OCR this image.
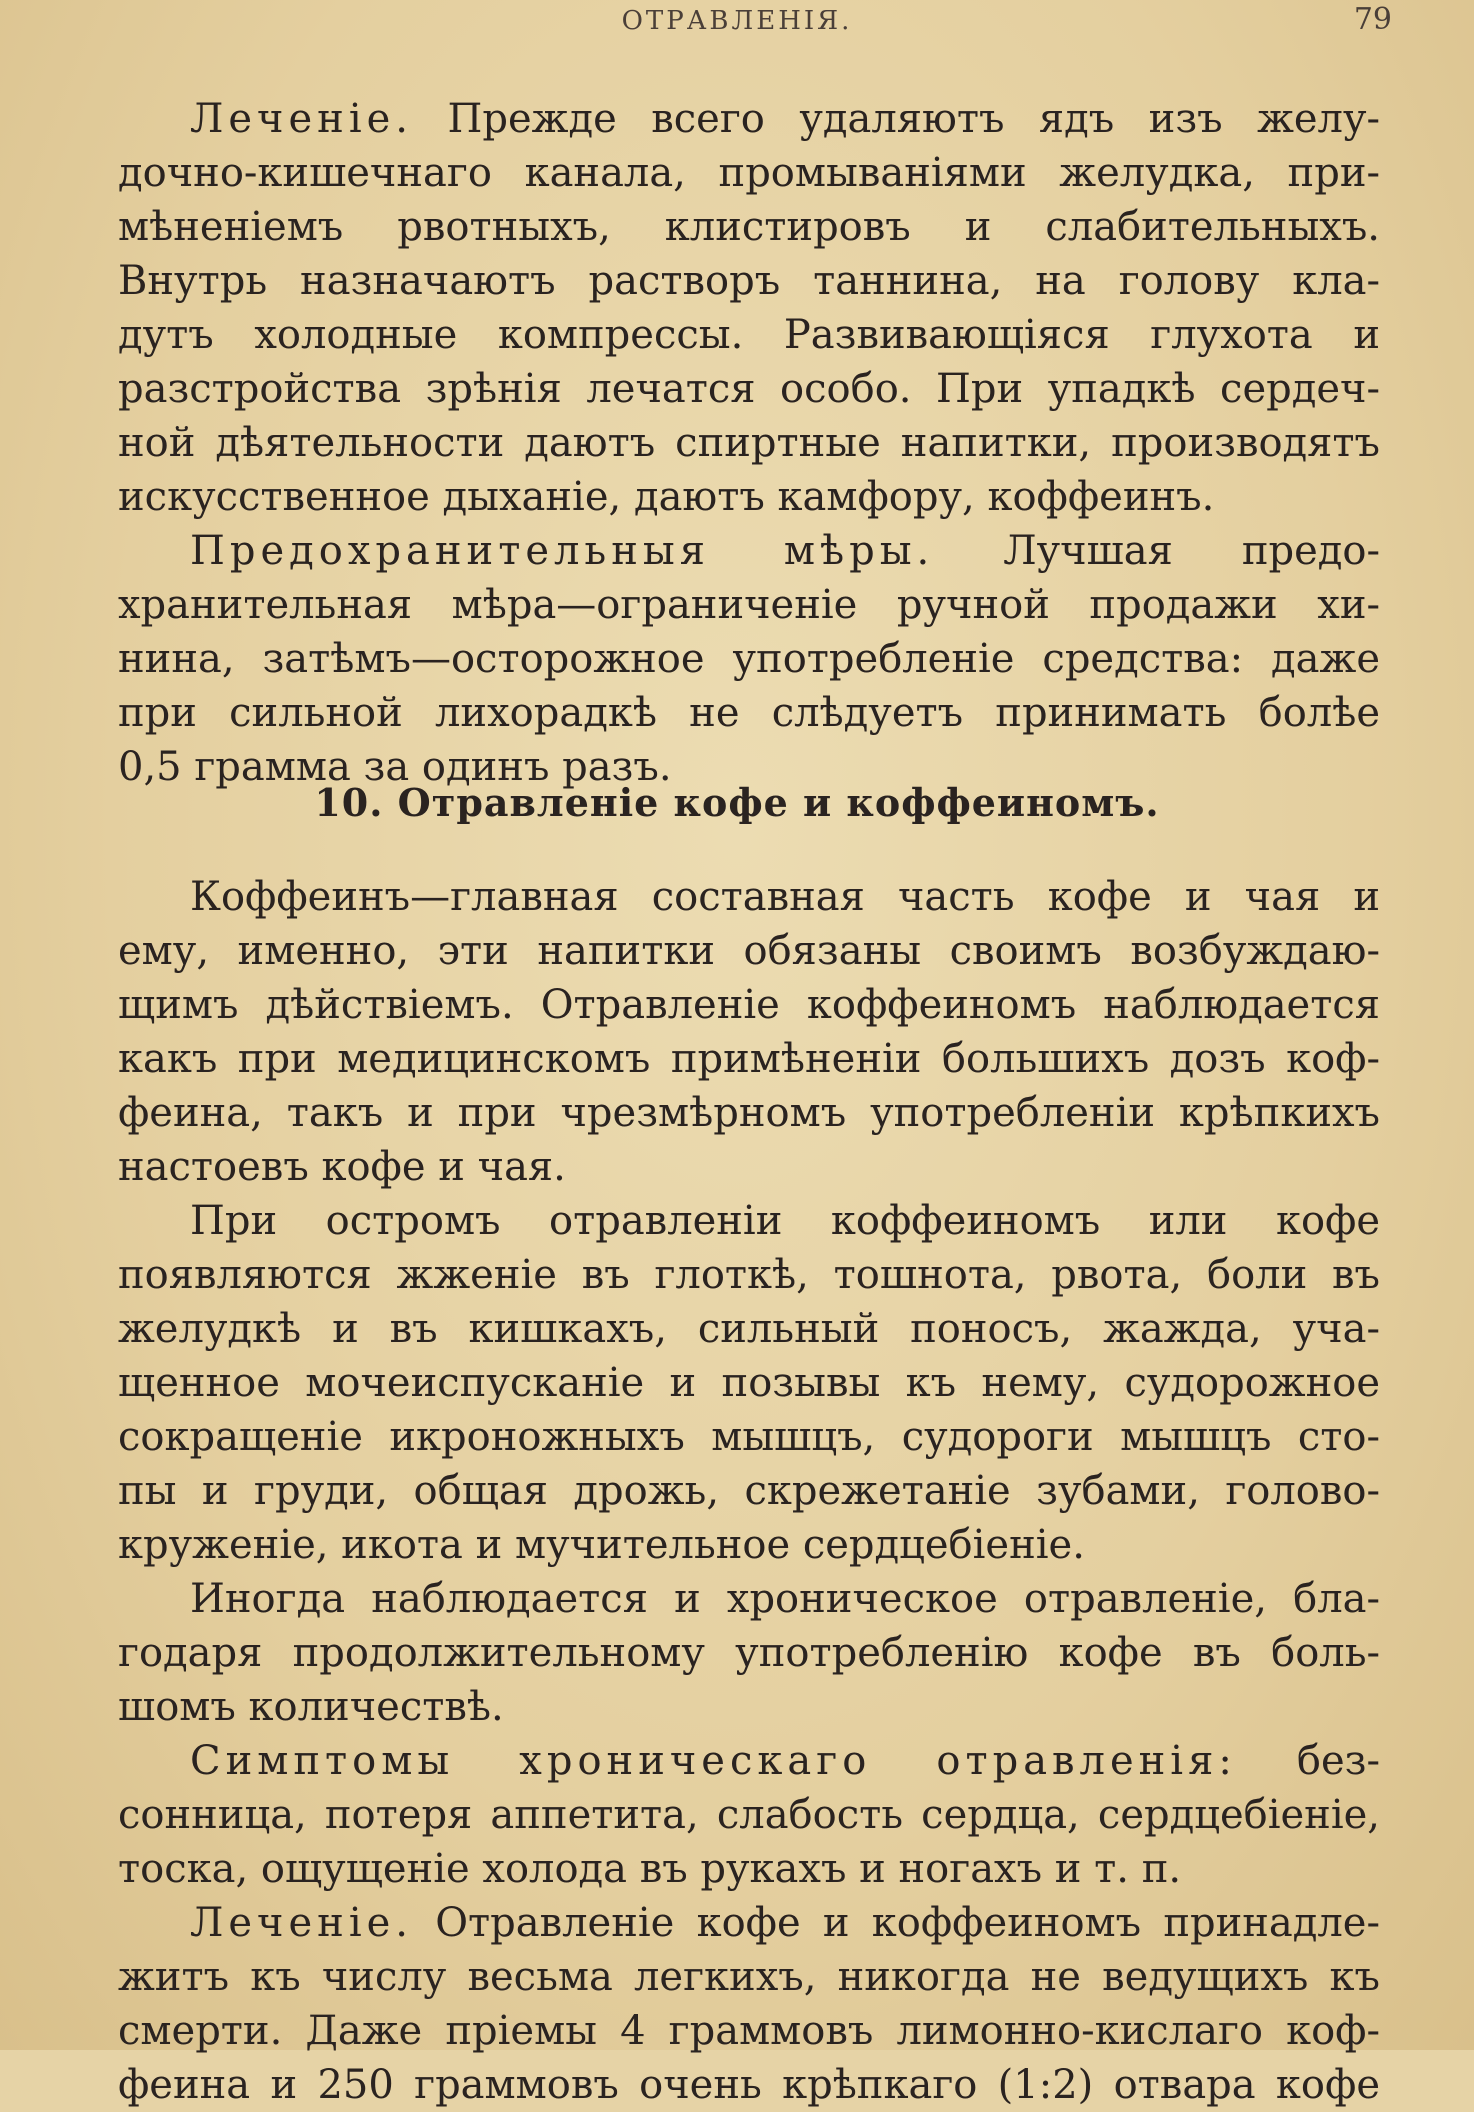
ОТРАВЛЕНІЯ.	79
Леченіе. Прежде всего удаляютъ ядъ изъ желу-
дочно-кишечнаго канала, промываніями желудка, при-
мѣненіемъ рвотныхъ, клистировъ и слабительныхъ.
Внутрь назначаютъ растворъ таннина, на голову кла-
дутъ холодные компрессы. Развивающіяся глухота и
разстройства зрѣнія лечатся особо. При упадкѣ сердеч-
ной дѣятельности даютъ спиртные напитки, производятъ
искусственное дыханіе, даютъ камфору, коффеинъ.
Предохранительныя мѣры. Лучшая предо-
хранительная мѣра—ограниченіе ручной продажи хи-
нина, затѣмъ—осторожное употребленіе средства: даже
при сильной лихорадкѣ не слѣдуетъ принимать болѣе
0,5 грамма за одинъ разъ.
10. Отравленіе кофе и коффеиномъ.
Коффеинъ—главная составная часть кофе и чая и
ему, именно, эти напитки обязаны своимъ возбуждаю-
щимъ дѣйствіемъ. Отравленіе коффеиномъ наблюдается
какъ при медицинскомъ примѣненіи большихъ дозъ коф-
феина, такъ и при чрезмѣрномъ употребленіи крѣпкихъ
настоевъ кофе и чая.
При остромъ отравленіи коффеиномъ или кофе
появляются жженіе въ глоткѣ, тошнота, рвота, боли въ
желудкѣ и въ кишкахъ, сильный поносъ, жажда, уча-
щенное мочеиспусканіе и позывы къ нему, судорожное
сокращеніе икроножныхъ мышцъ, судороги мышцъ сто-
пы и груди, общая дрожь, скрежетаніе зубами, голово-
круженіе, икота и мучительное сердцебіеніе.
Иногда наблюдается и хроническое отравленіе, бла-
годаря продолжительному употребленію кофе въ боль-
шомъ количествѣ.
Симптомы хроническаго отравленія: без-
сонница, потеря аппетита, слабость сердца, сердцебіеніе,
тоска, ощущеніе холода въ рукахъ и ногахъ и т. п.
Леченіе. Отравленіе кофе и коффеиномъ принадле-
житъ къ числу весьма легкихъ, никогда не ведущихъ къ
смерти. Даже пріемы 4 граммовъ лимонно-кислаго коф-
феина и 250 граммовъ очень крѣпкаго (1:2) отвара кофе
